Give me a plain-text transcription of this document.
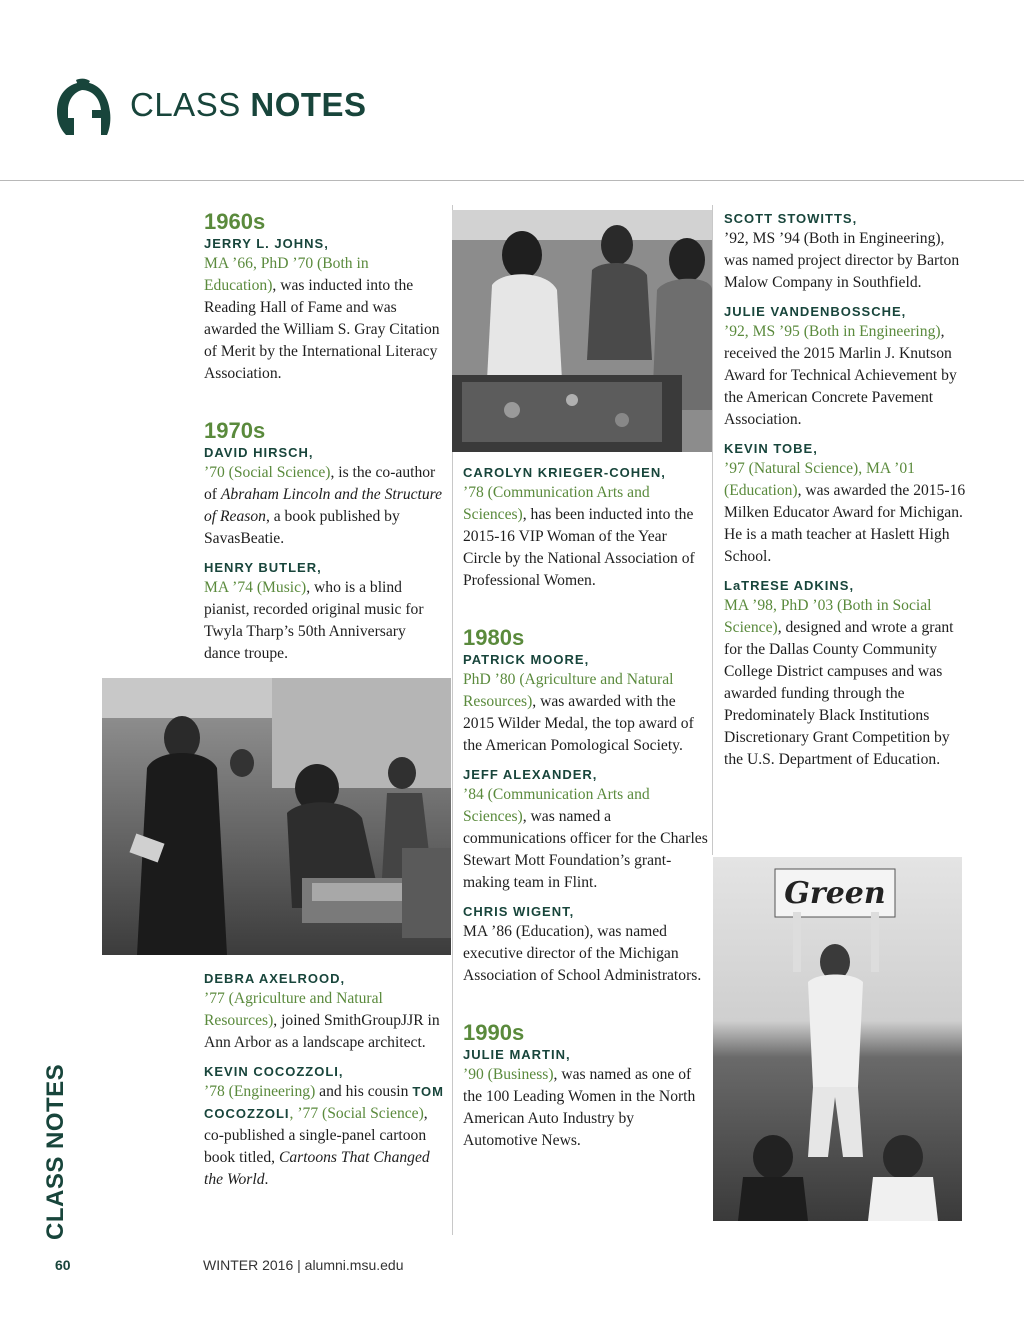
CLASS NOTES

1960s

JERRY L. JOHNS,

MA ’66, PhD ’70 (Both in Education), was inducted into the Reading Hall of Fame and was awarded the William S. Gray Citation of Merit by the International Literacy Association.

1970s

DAVID HIRSCH,

’70 (Social Science), is the co-author of Abraham Lincoln and the Structure of Reason, a book published by SavasBeatie.

HENRY BUTLER,

MA ’74 (Music), who is a blind pianist, recorded original music for Twyla Tharp’s 50th Anniversary dance troupe.

DEBRA AXELROOD,

’77 (Agriculture and Natural Resources), joined SmithGroupJJR in Ann Arbor as a landscape architect.

KEVIN COCOZZOLI,

’78 (Engineering) and his cousin TOM COCOZZOLI, ’77 (Social Science), co-published a single-panel cartoon book titled, Cartoons That Changed the World.

CAROLYN KRIEGER-COHEN,

’78 (Communication Arts and Sciences), has been inducted into the 2015-16 VIP Woman of the Year Circle by the National Association of Professional Women.

1980s

PATRICK MOORE,

PhD ’80 (Agriculture and Natural Resources), was awarded with the 2015 Wilder Medal, the top award of the American Pomological Society.

JEFF ALEXANDER,

’84 (Communication Arts and Sciences), was named a communications officer for the Charles Stewart Mott Foundation’s grant-making team in Flint.

CHRIS WIGENT,

MA ’86 (Education), was named executive director of the Michigan Association of School Administrators.

1990s

JULIE MARTIN,

’90 (Business), was named as one of the 100 Leading Women in the North American Auto Industry by Automotive News.

SCOTT STOWITTS,

’92, MS ’94 (Both in Engineering), was named project director by Barton Malow Company in Southfield.

JULIE VANDENBOSSCHE,

’92, MS ’95 (Both in Engineering), received the 2015 Marlin J. Knutson Award for Technical Achievement by the American Concrete Pavement Association.

KEVIN TOBE,

’97 (Natural Science), MA ’01 (Education), was awarded the 2015-16 Milken Educator Award for Michigan. He is a math teacher at Haslett High School.

LaTRESE ADKINS,

MA ’98, PhD ’03 (Both in Social Science), designed and wrote a grant for the Dallas County Community College District campuses and was awarded funding through the Predominately Black Institutions Discretionary Grant Competition by the U.S. Department of Education.

Green
CLASS NOTES
60	WINTER 2016 | alumni.msu.edu
